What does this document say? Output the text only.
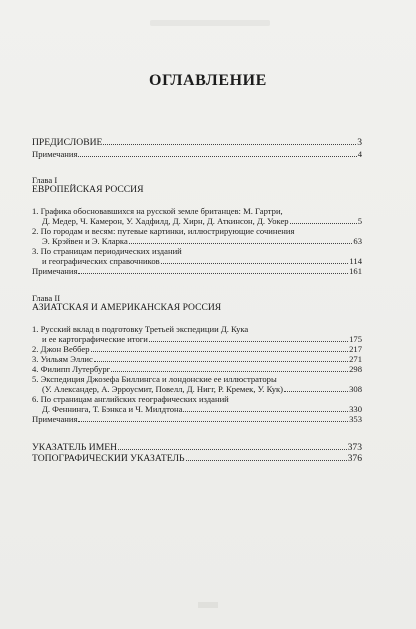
ОГЛАВЛЕНИЕ
ПРЕДИСЛОВИЕ	3
Примечания	4
Глава I
ЕВРОПЕЙСКАЯ РОССИЯ
1. Графика обосновавшихся на русской земле британцев: М. Гартри,
Д. Медер, Ч. Камерон, У. Хадфилд, Д. Хирн, Д. Аткинсон, Д. Уокер	5
2. По городам и весям: путевые картинки, иллюстрирующие сочинения
Э. Крэйвен и Э. Кларка	63
3. По страницам периодических изданий
и географических справочников	114
Примечания	161
Глава II
АЗИАТСКАЯ И АМЕРИКАНСКАЯ РОССИЯ
1. Русский вклад в подготовку Третьей экспедиции Д. Кука
и ее картографические итоги	175
2. Джон Веббер	217
3. Уильям Эллис	271
4. Филипп Лутербург	298
5. Экспедиция Джозефа Биллингса и лондонские ее иллюстраторы
(У. Александер, А. Эрроусмит, Повелл, Д. Нигг, Р. Кремек, У. Кук)	308
6. По страницам английских географических изданий
Д. Феннинга, Т. Бэнкса и Ч. Милдтона	330
Примечания	353
УКАЗАТЕЛЬ ИМЕН	373
ТОПОГРАФИЧЕСКИЙ УКАЗАТЕЛЬ	376
